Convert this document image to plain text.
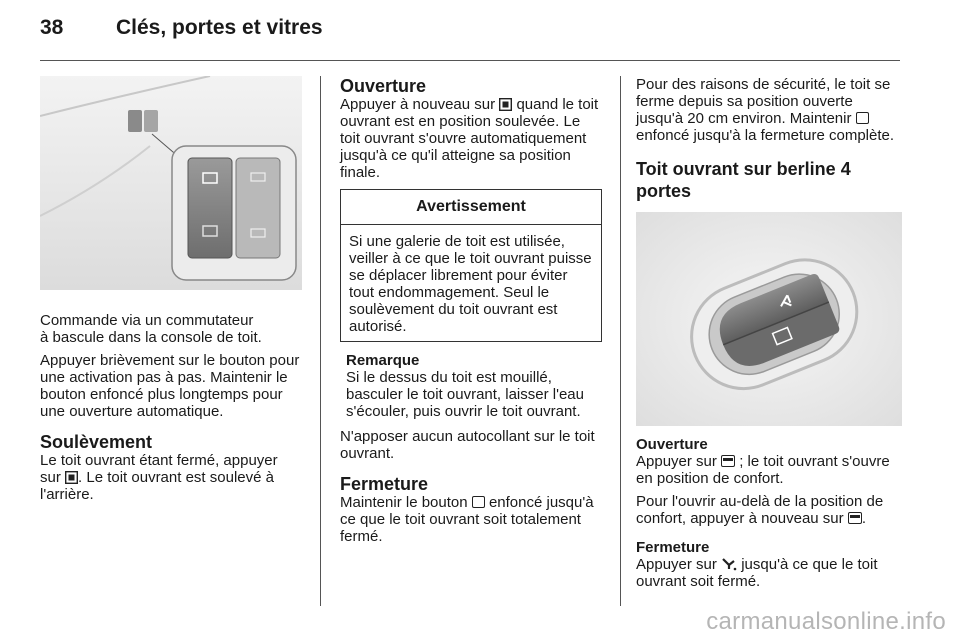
38	Clés, portes et vitres

Commande via un commutateur
à bascule dans la console de toit.

Appuyer brièvement sur le bouton pour une activation pas à pas. Maintenir le bouton enfoncé plus longtemps pour une ouverture automatique.

Soulèvement

Le toit ouvrant étant fermé, appuyer sur . Le toit ouvrant est soulevé à l'arrière.

Ouverture

Appuyer à nouveau sur quand le toit ouvrant est en position soulevée. Le toit ouvrant s'ouvre automatiquement jusqu'à ce qu'il atteigne sa position finale.

Avertissement
Si une galerie de toit est utilisée, veiller à ce que le toit ouvrant puisse se déplacer librement pour éviter tout endommagement. Seul le soulèvement du toit ouvrant est autorisé.
Remarque

Si le dessus du toit est mouillé, basculer le toit ouvrant, laisser l'eau s'écouler, puis ouvrir le toit ouvrant.

N'apposer aucun autocollant sur le toit ouvrant.

Fermeture

Maintenir le bouton enfoncé jusqu'à ce que le toit ouvrant soit totalement fermé.

Pour des raisons de sécurité, le toit se ferme depuis sa position ouverte jusqu'à 20 cm environ. Maintenir  enfoncé jusqu'à la fermeture complète.

Toit ouvrant sur berline 4 portes
Ouverture

Appuyer sur ; le toit ouvrant s'ouvre en position de confort.

Pour l'ouvrir au-delà de la position de confort, appuyer à nouveau sur .

Fermeture

Appuyer sur jusqu'à ce que le toit ouvrant soit fermé.

carmanualsonline.info
